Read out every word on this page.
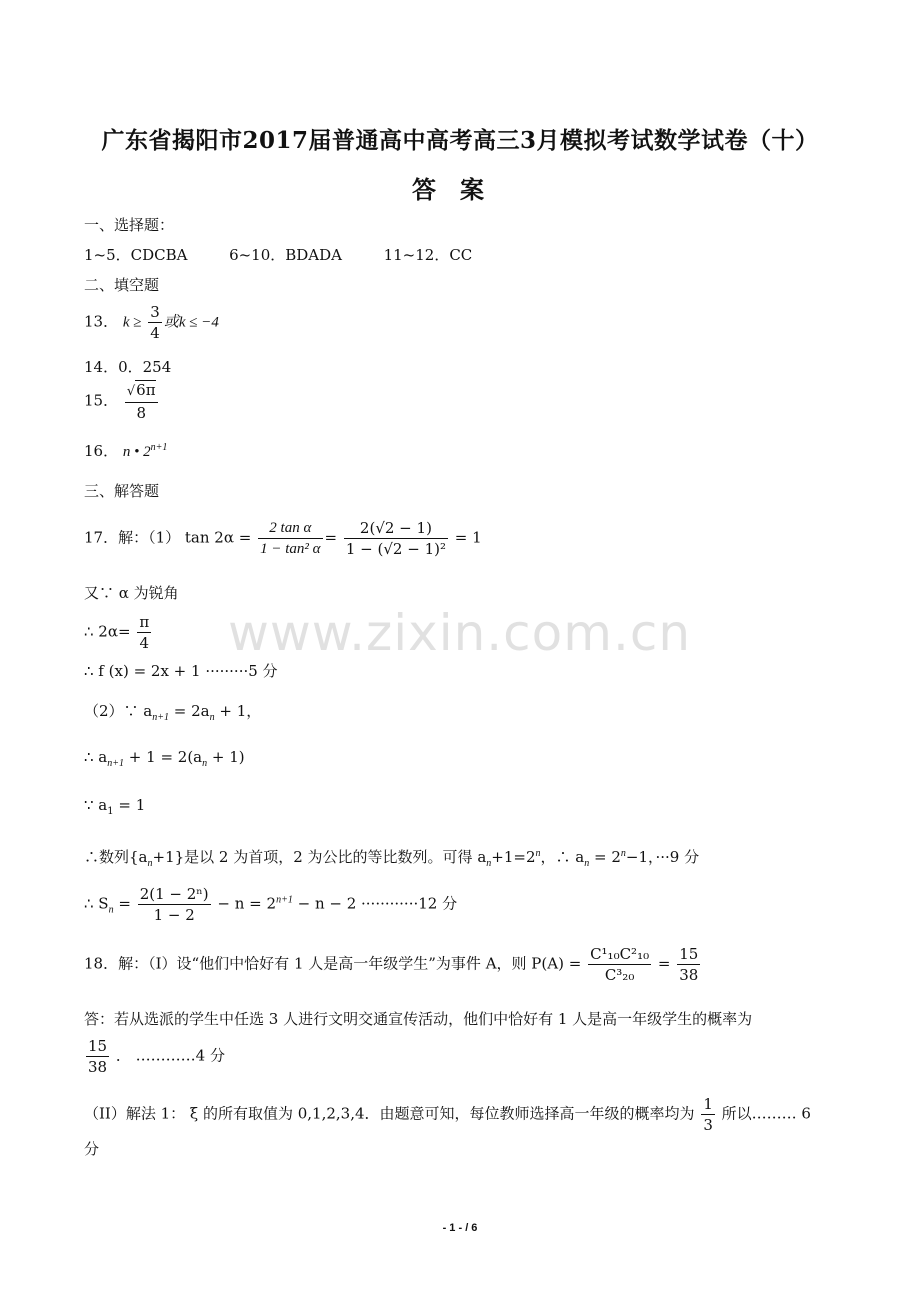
广东省揭阳市2017届普通高中高考高三3月模拟考试数学试卷（十）
答案
一、选择题：
1~5．CDCBA	6~10．BDADA	11~12．CC
二、填空题
13． $k \ge \frac{3}{4}$ 或k ≤ −4
14．0．254
15． $\frac{√6\pi}{8}$
16． n • $2^{n+1}$
三、解答题
17．解：（1） $\tan 2\alpha = \frac{\text{2 tan α}}{\text{1 − tan² α}} = \frac{2(√2 - 1)}{\text{1 − (√2 − 1)²}} = 1$
又∵ α 为锐角
∴ $2\alpha= \frac{\pi}{4}$
∴ f (x) = 2x + 1 ·········5 分
（2）∵ $a_{n+1} = 2a_n + 1$，
∴ $a_{n+1} + 1 = 2(a_n + 1)$
∵ $a_1 = 1$
∴数列$\{a_n+1\}$是以 2 为首项，2 为公比的等比数列。可得 $a_n+1=2^n$，∴ $a_n = 2^n-1$，···9 分
∴ $S_n = \frac{\text{2(1 − 2ⁿ)}}{1 - 2} - n = 2^{n+1} - n - 2 \cdot\cdot\cdot\cdot\cdot\cdot\cdot\cdot\cdot\cdot\cdot\cdot 12$ 分
18．解：（I）设“他们中恰好有 1 人是高一年级学生”为事件 A，则 $P(A) = \frac{\text{C¹₁₀C²₁₀}}{\text{C³₂₀}} = \frac{15}{38}$
答：若从选派的学生中任选 3 人进行文明交通宣传活动，他们中恰好有 1 人是高一年级学生的概率为
$\frac{15}{38}$ ． …………4 分
（II）解法 1： ξ 的所有取值为 0,1,2,3,4．由题意可知，每位教师选择高一年级的概率均为 $\frac{1}{3}$ 所以……… 6
分
www.zixin.com.cn
- 1 - / 6
